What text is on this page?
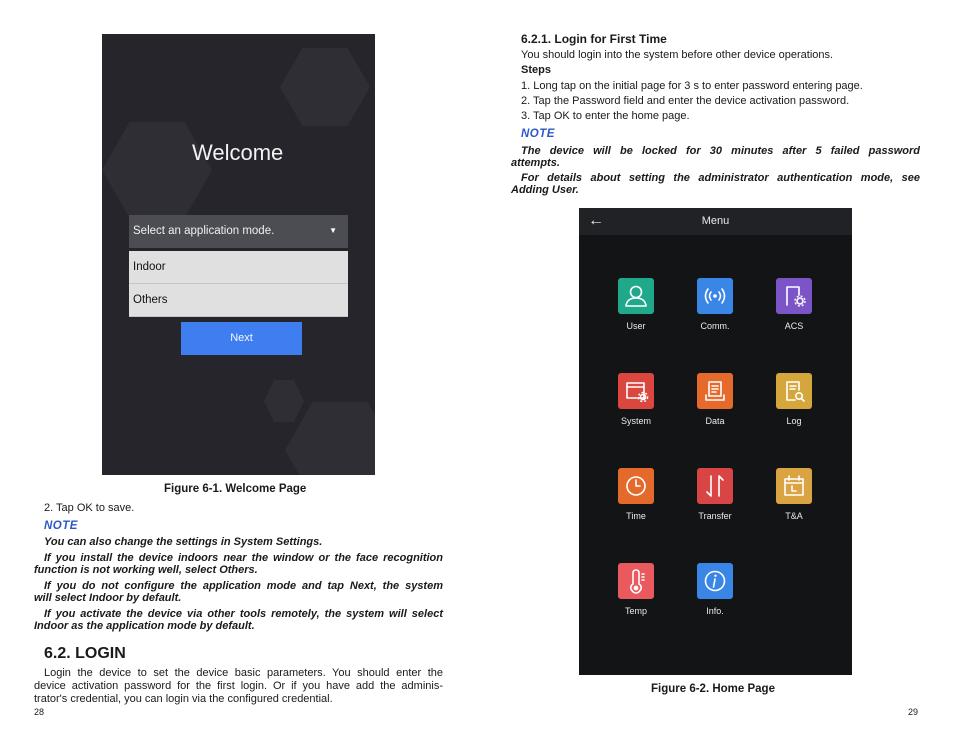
Welcome
Select an application mode.	▼
Indoor
Others
Next
Figure 6-1. Welcome Page
2. Tap OK to save.
NOTE
You can also change the settings in System Settings.
If you install the device indoors near the window or the face recognition
function is not working well, select Others.
If you do not configure the application mode and tap Next, the system
will select Indoor by default.
If you activate the device via other tools remotely, the system will select
Indoor as the application mode by default.
6.2. LOGIN
Login the device to set the device basic parameters. You should enter the
device activation password for the first login. Or if you have add the adminis-
trator's credential, you can login via the configured credential.
28
6.2.1. Login for First Time
You should login into the system before other device operations.
Steps
1. Long tap on the initial page for 3 s to enter password entering page.
2. Tap the Password field and enter the device activation password.
3. Tap OK to enter the home page.
NOTE
The device will be locked for 30 minutes after 5 failed password
attempts.
For details about setting the administrator authentication mode, see
Adding User.
←	Menu
User	Comm.	ACS
System	Data	Log
Time	Transfer	T&A
Temp	Info.
Figure 6-2. Home Page
29
